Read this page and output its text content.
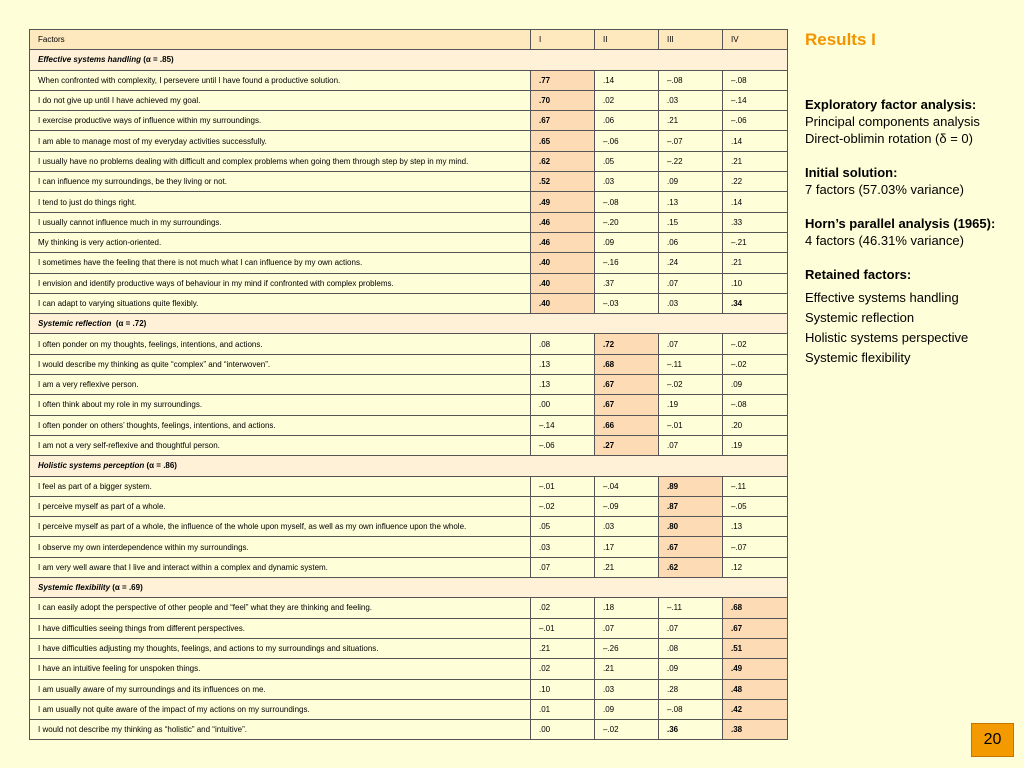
Factors	I	II	III	IV
Effective systems handling (α = .85)				
When confronted with complexity, I persevere until I have found a productive solution.	.77	.14	–.08	–.08
I do not give up until I have achieved my goal.	.70	.02	.03	–.14
I exercise productive ways of influence within my surroundings.	.67	.06	.21	–.06
I am able to manage most of my everyday activities successfully.	.65	–.06	–.07	.14
I usually have no problems dealing with difficult and complex problems when going them through step by step in my mind.	.62	.05	–.22	.21
I can influence my surroundings, be they living or not.	.52	.03	.09	.22
I tend to just do things right.	.49	–.08	.13	.14
I usually cannot influence much in my surroundings.	.46	–.20	.15	.33
My thinking is very action-oriented.	.46	.09	.06	–.21
I sometimes have the feeling that there is not much what I can influence by my own actions.	.40	–.16	.24	.21
I envision and identify productive ways of behaviour in my mind if confronted with complex problems.	.40	.37	.07	.10
I can adapt to varying situations quite flexibly.	.40	–.03	.03	.34
Systemic reflection  (α = .72)				
I often ponder on my thoughts, feelings, intentions, and actions.	.08	.72	.07	–.02
I would describe my thinking as quite “complex” and “interwoven”.	.13	.68	–.11	–.02
I am a very reflexive person.	.13	.67	–.02	.09
I often think about my role in my surroundings.	.00	.67	.19	–.08
I often ponder on others’ thoughts, feelings, intentions, and actions.	–.14	.66	–.01	.20
I am not a very self-reflexive and thoughtful person.	–.06	.27	.07	.19
Holistic systems perception (α = .86)				
I feel as part of a bigger system.	–.01	–.04	.89	–.11
I perceive myself as part of a whole.	–.02	–.09	.87	–.05
I perceive myself as part of a whole, the influence of the whole upon myself, as well as my own influence upon the whole.	.05	.03	.80	.13
I observe my own interdependence within my surroundings.	.03	.17	.67	–.07
I am very well aware that I live and interact within a complex and dynamic system.	.07	.21	.62	.12
Systemic flexibility (α = .69)				
I can easily adopt the perspective of other people and “feel” what they are thinking and feeling.	.02	.18	–.11	.68
I have difficulties seeing things from different perspectives.	–.01	.07	.07	.67
I have difficulties adjusting my thoughts, feelings, and actions to my surroundings and situations.	.21	–.26	.08	.51
I have an intuitive feeling for unspoken things.	.02	.21	.09	.49
I am usually aware of my surroundings and its influences on me.	.10	.03	.28	.48
I am usually not quite aware of the impact of my actions on my surroundings.	.01	.09	–.08	.42
I would not describe my thinking as “holistic” and “intuitive”.	.00	–.02	.36	.38
Results I
Exploratory factor analysis:
Principal components analysis
Direct-oblimin rotation (δ = 0)
Initial solution:
7 factors (57.03% variance)
Horn’s parallel analysis (1965):
4 factors (46.31% variance)
Retained factors:
Effective systems handling
Systemic reflection
Holistic systems perspective
Systemic flexibility
20
